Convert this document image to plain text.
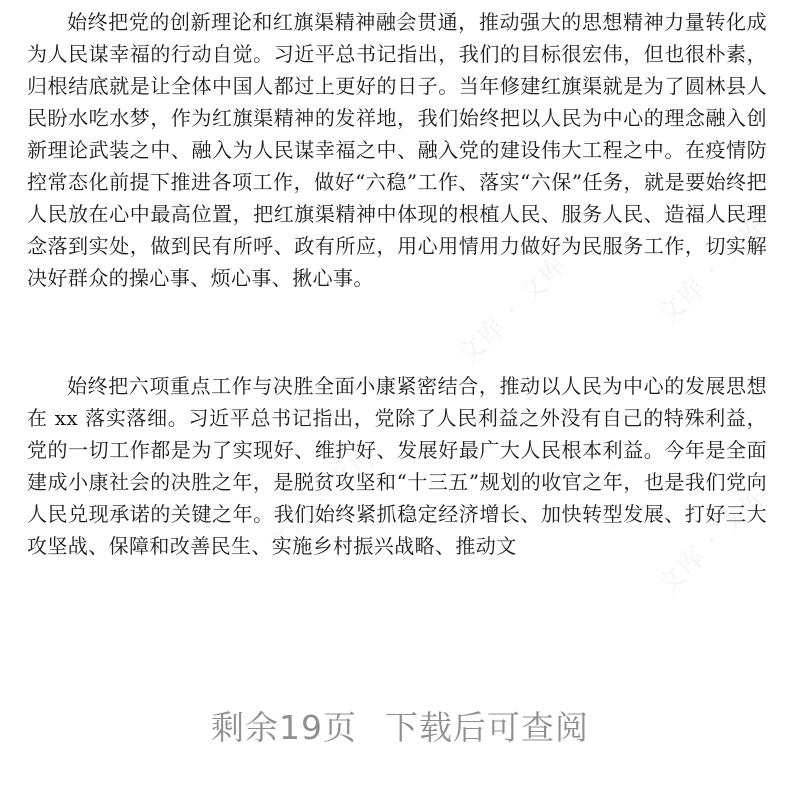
文库 · 文库
文库 · 文库
文库 · 文库
文库 · 文库

始终把党的创新理论和红旗渠精神融会贯通，推动强大的思想精神力量转化成为人民谋幸福的行动自觉。习近平总书记指出，我们的目标很宏伟，但也很朴素，归根结底就是让全体中国人都过上更好的日子。当年修建红旗渠就是为了圆林县人民盼水吃水梦，作为红旗渠精神的发祥地，我们始终把以人民为中心的理念融入创新理论武装之中、融入为人民谋幸福之中、融入党的建设伟大工程之中。在疫情防控常态化前提下推进各项工作，做好“六稳”工作、落实“六保”任务，就是要始终把人民放在心中最高位置，把红旗渠精神中体现的根植人民、服务人民、造福人民理念落到实处，做到民有所呼、政有所应，用心用情用力做好为民服务工作，切实解决好群众的操心事、烦心事、揪心事。

始终把六项重点工作与决胜全面小康紧密结合，推动以人民为中心的发展思想在 xx 落实落细。习近平总书记指出，党除了人民利益之外没有自己的特殊利益，党的一切工作都是为了实现好、维护好、发展好最广大人民根本利益。今年是全面建成小康社会的决胜之年，是脱贫攻坚和“十三五”规划的收官之年，也是我们党向人民兑现承诺的关键之年。我们始终紧抓稳定经济增长、加快转型发展、打好三大攻坚战、保障和改善民生、实施乡村振兴战略、推动文

剩余19页 下载后可查阅
